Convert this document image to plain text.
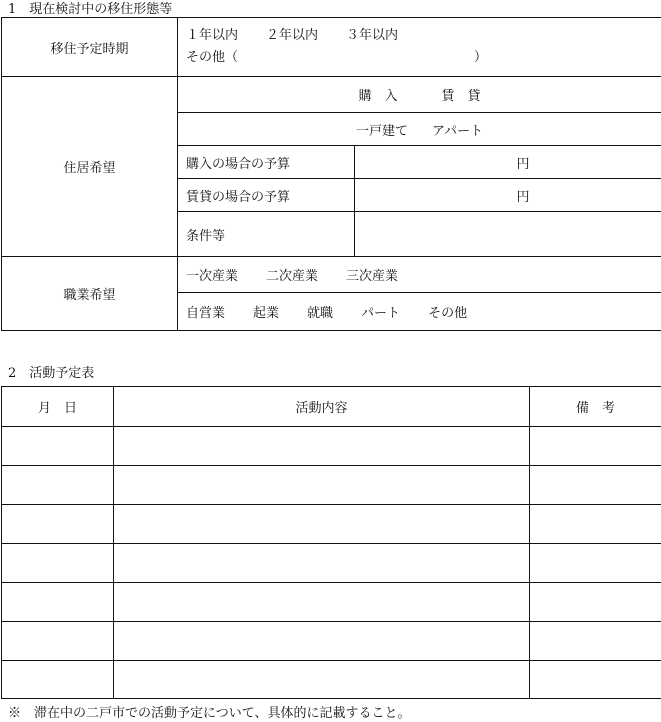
1　現在検討中の移住形態等
移住予定時期	１年以内 ２年以内 ３年以内
その他（ ）	

住居希望	購　入 賃　貸	
	一戸建て アパート	
	購入の場合の予算	円
	賃貸の場合の予算	円
	条件等	
職業希望	一次産業 二次産業 三次産業	
	自営業 起業 就職 パート その他	
2　活動予定表
月　日	活動内容	備　考

※　滞在中の二戸市での活動予定について、具体的に記載すること。
